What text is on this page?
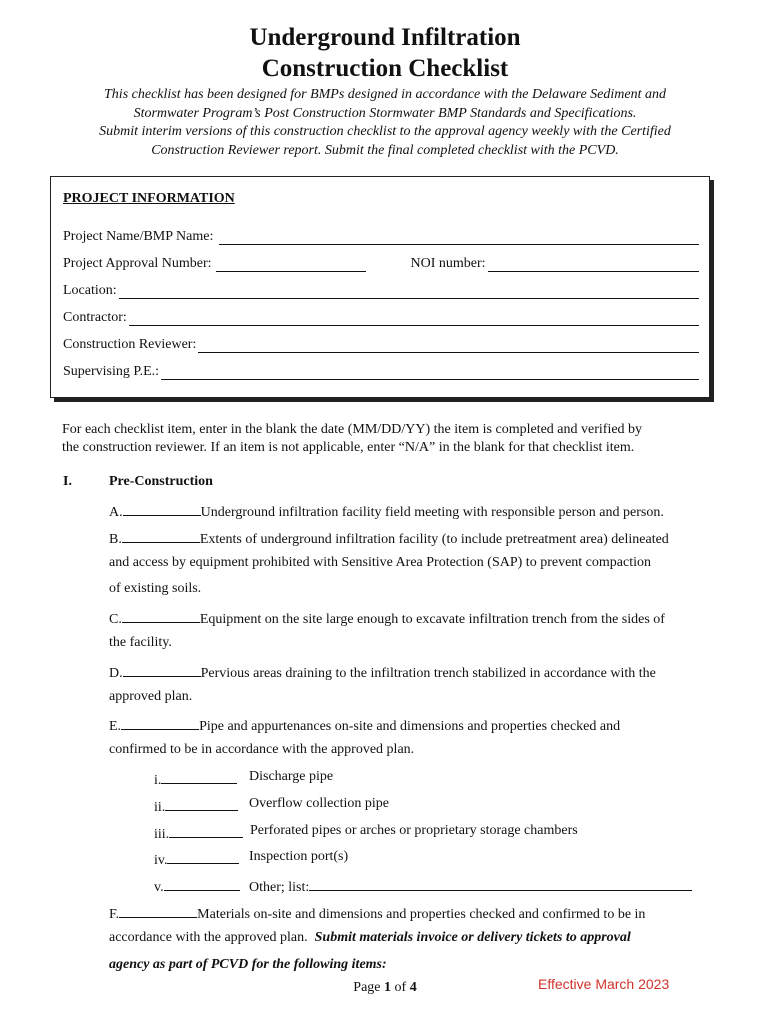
Underground Infiltration
Construction Checklist
This checklist has been designed for BMPs designed in accordance with the Delaware Sediment and
Stormwater Program’s Post Construction Stormwater BMP Standards and Specifications.
Submit interim versions of this construction checklist to the approval agency weekly with the Certified
Construction Reviewer report. Submit the final completed checklist with the PCVD.
PROJECT INFORMATION
Project Name/BMP Name:
Project Approval Number:	NOI number:
Location:
Contractor:
Construction Reviewer:
Supervising P.E.:
For each checklist item, enter in the blank the date (MM/DD/YY) the item is completed and verified by
the construction reviewer. If an item is not applicable, enter “N/A” in the blank for that checklist item.
I.	Pre-Construction
A.	Underground infiltration facility field meeting with responsible person and person.
B.	Extents of underground infiltration facility (to include pretreatment area) delineated
and access by equipment prohibited with Sensitive Area Protection (SAP) to prevent compaction
of existing soils.
C.	Equipment on the site large enough to excavate infiltration trench from the sides of
the facility.
D.	Pervious areas draining to the infiltration trench stabilized in accordance with the
approved plan.
E.	Pipe and appurtenances on-site and dimensions and properties checked and
confirmed to be in accordance with the approved plan.
i.	Discharge pipe
ii.	Overflow collection pipe
iii.	Perforated pipes or arches or proprietary storage chambers
iv.	Inspection port(s)
v.	Other; list:
F.	Materials on-site and dimensions and properties checked and confirmed to be in
accordance with the approved plan. Submit materials invoice or delivery tickets to approval
agency as part of PCVD for the following items:
Page 1 of 4	Effective March 2023
